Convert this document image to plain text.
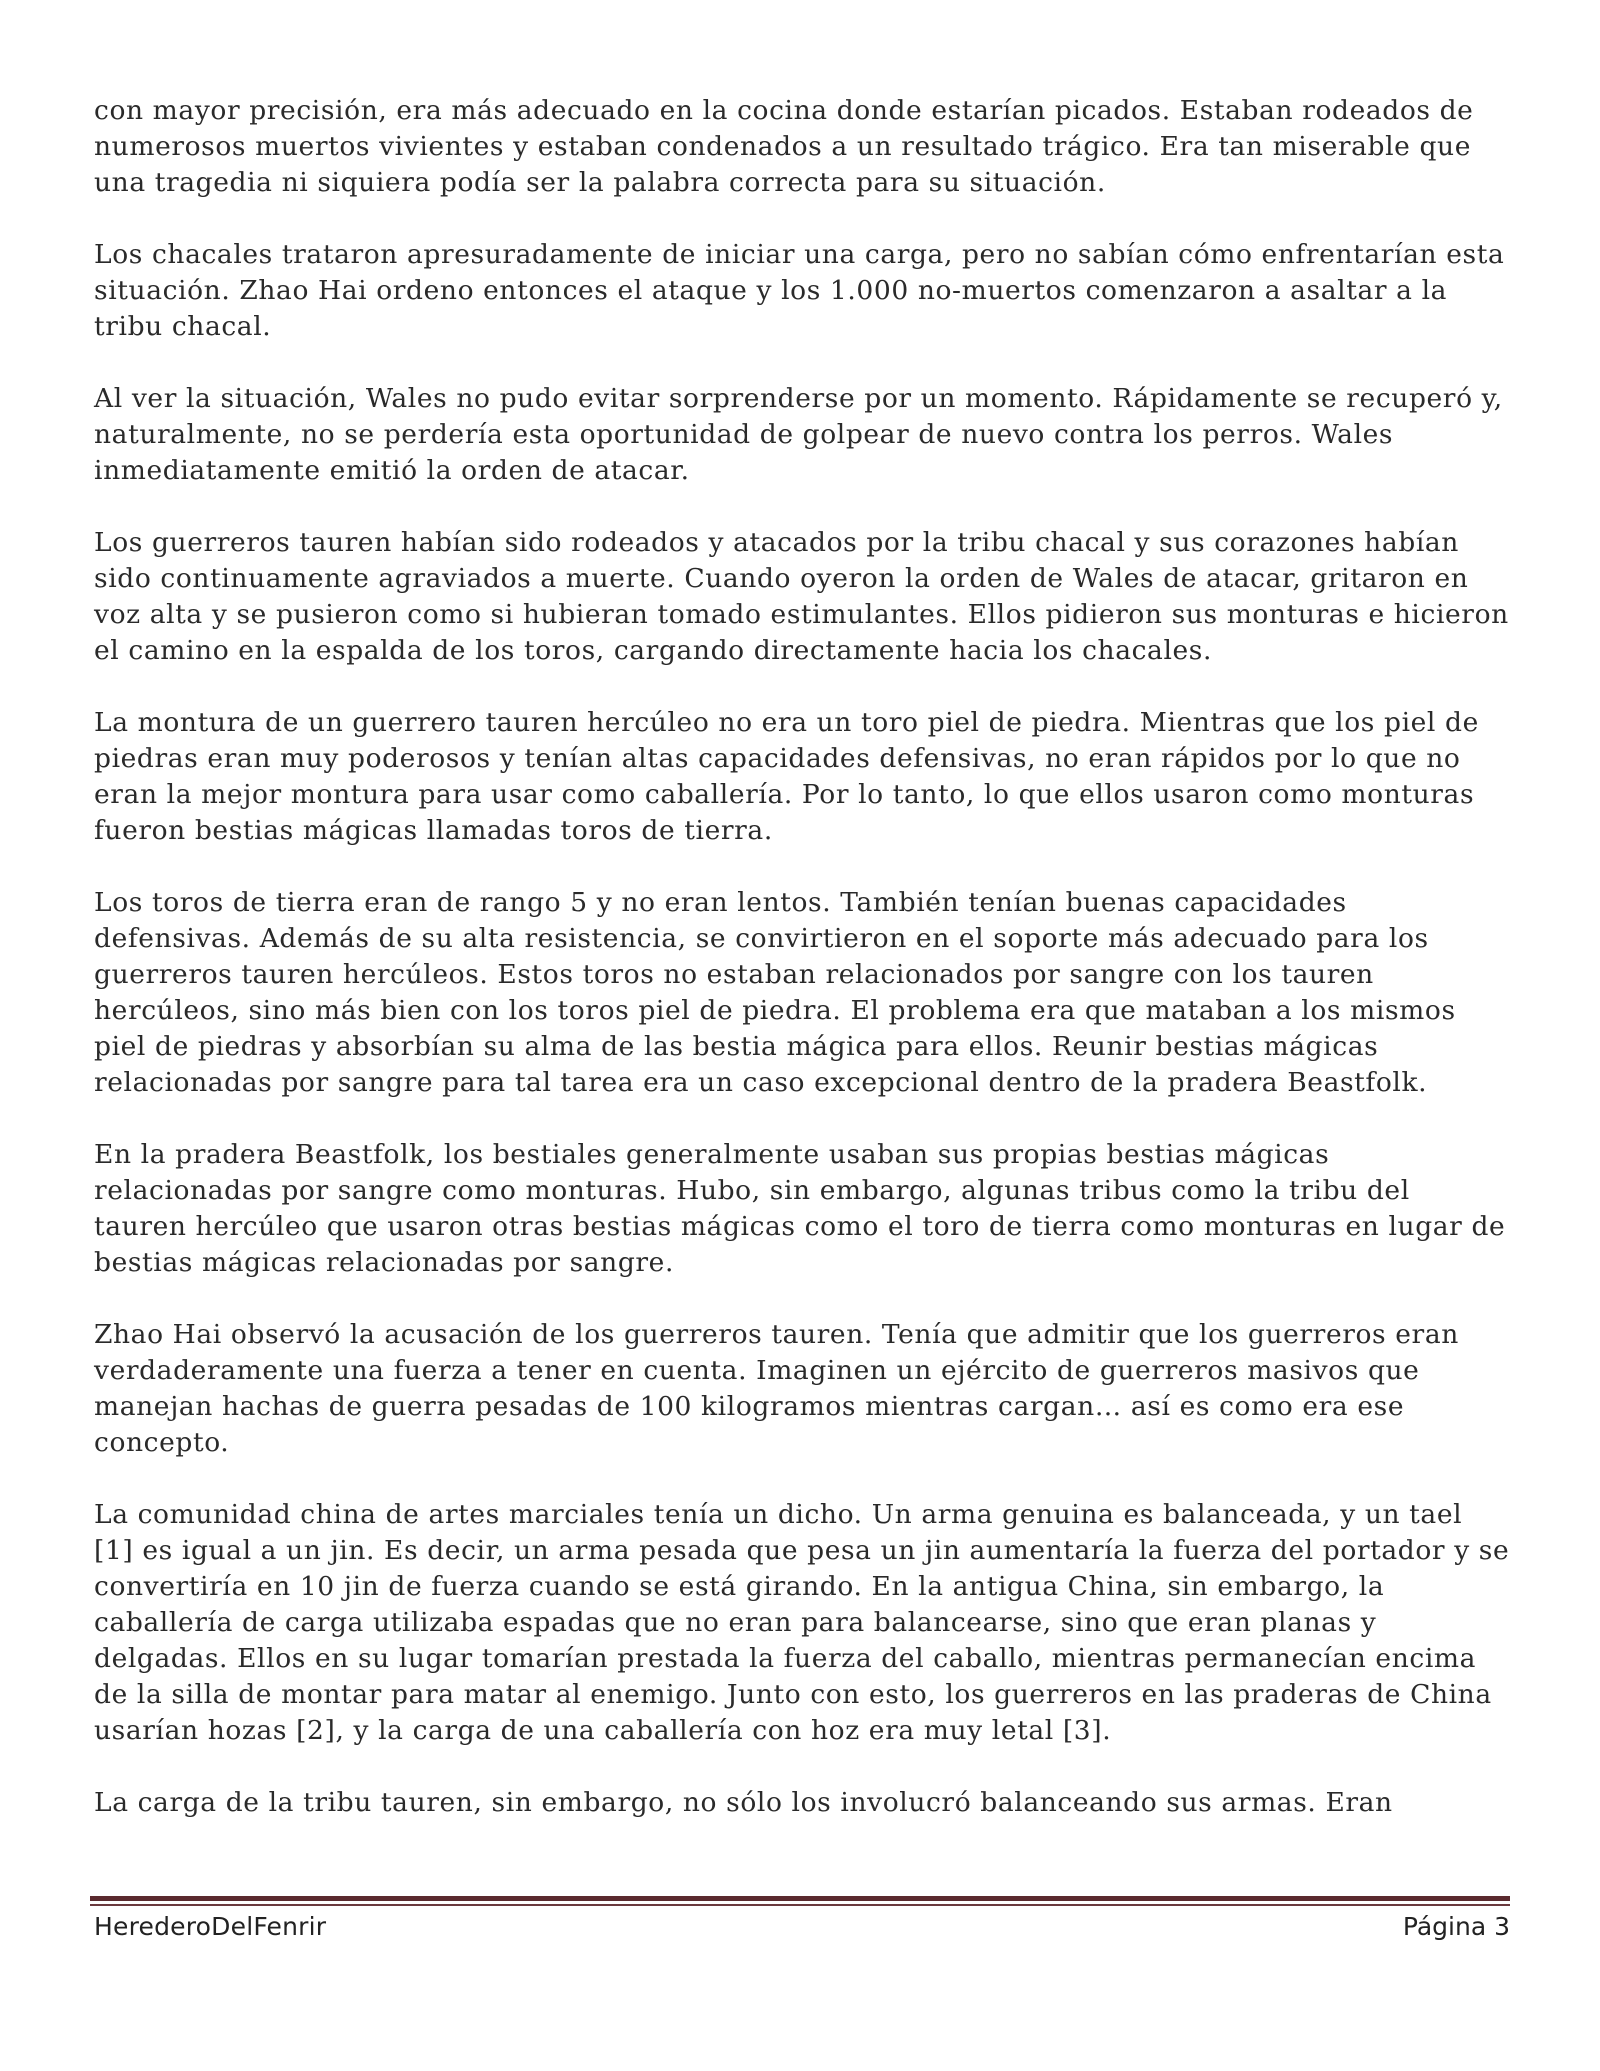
con mayor precisión, era más adecuado en la cocina donde estarían picados. Estaban rodeados de numerosos muertos vivientes y estaban condenados a un resultado trágico. Era tan miserable que una tragedia ni siquiera podía ser la palabra correcta para su situación.

Los chacales trataron apresuradamente de iniciar una carga, pero no sabían cómo enfrentarían esta situación. Zhao Hai ordeno entonces el ataque y los 1.000 no-muertos comenzaron a asaltar a la tribu chacal.

Al ver la situación, Wales no pudo evitar sorprenderse por un momento. Rápidamente se recuperó y, naturalmente, no se perdería esta oportunidad de golpear de nuevo contra los perros. Wales inmediatamente emitió la orden de atacar.

Los guerreros tauren habían sido rodeados y atacados por la tribu chacal y sus corazones habían sido continuamente agraviados a muerte. Cuando oyeron la orden de Wales de atacar, gritaron en voz alta y se pusieron como si hubieran tomado estimulantes. Ellos pidieron sus monturas e hicieron el camino en la espalda de los toros, cargando directamente hacia los chacales.

La montura de un guerrero tauren hercúleo no era un toro piel de piedra. Mientras que los piel de piedras eran muy poderosos y tenían altas capacidades defensivas, no eran rápidos por lo que no eran la mejor montura para usar como caballería. Por lo tanto, lo que ellos usaron como monturas fueron bestias mágicas llamadas toros de tierra.

Los toros de tierra eran de rango 5 y no eran lentos. También tenían buenas capacidades defensivas. Además de su alta resistencia, se convirtieron en el soporte más adecuado para los guerreros tauren hercúleos. Estos toros no estaban relacionados por sangre con los tauren hercúleos, sino más bien con los toros piel de piedra. El problema era que mataban a los mismos piel de piedras y absorbían su alma de las bestia mágica para ellos. Reunir bestias mágicas relacionadas por sangre para tal tarea era un caso excepcional dentro de la pradera Beastfolk.

En la pradera Beastfolk, los bestiales generalmente usaban sus propias bestias mágicas relacionadas por sangre como monturas. Hubo, sin embargo, algunas tribus como la tribu del tauren hercúleo que usaron otras bestias mágicas como el toro de tierra como monturas en lugar de bestias mágicas relacionadas por sangre.

Zhao Hai observó la acusación de los guerreros tauren. Tenía que admitir que los guerreros eran verdaderamente una fuerza a tener en cuenta. Imaginen un ejército de guerreros masivos que manejan hachas de guerra pesadas de 100 kilogramos mientras cargan… así es como era ese concepto.

La comunidad china de artes marciales tenía un dicho. Un arma genuina es balanceada, y un tael [1] es igual a un jin. Es decir, un arma pesada que pesa un jin aumentaría la fuerza del portador y se convertiría en 10 jin de fuerza cuando se está girando. En la antigua China, sin embargo, la caballería de carga utilizaba espadas que no eran para balancearse, sino que eran planas y delgadas. Ellos en su lugar tomarían prestada la fuerza del caballo, mientras permanecían encima de la silla de montar para matar al enemigo. Junto con esto, los guerreros en las praderas de China usarían hozas [2], y la carga de una caballería con hoz era muy letal [3].

La carga de la tribu tauren, sin embargo, no sólo los involucró balanceando sus armas. Eran

HerederoDelFenrir	Página 3
